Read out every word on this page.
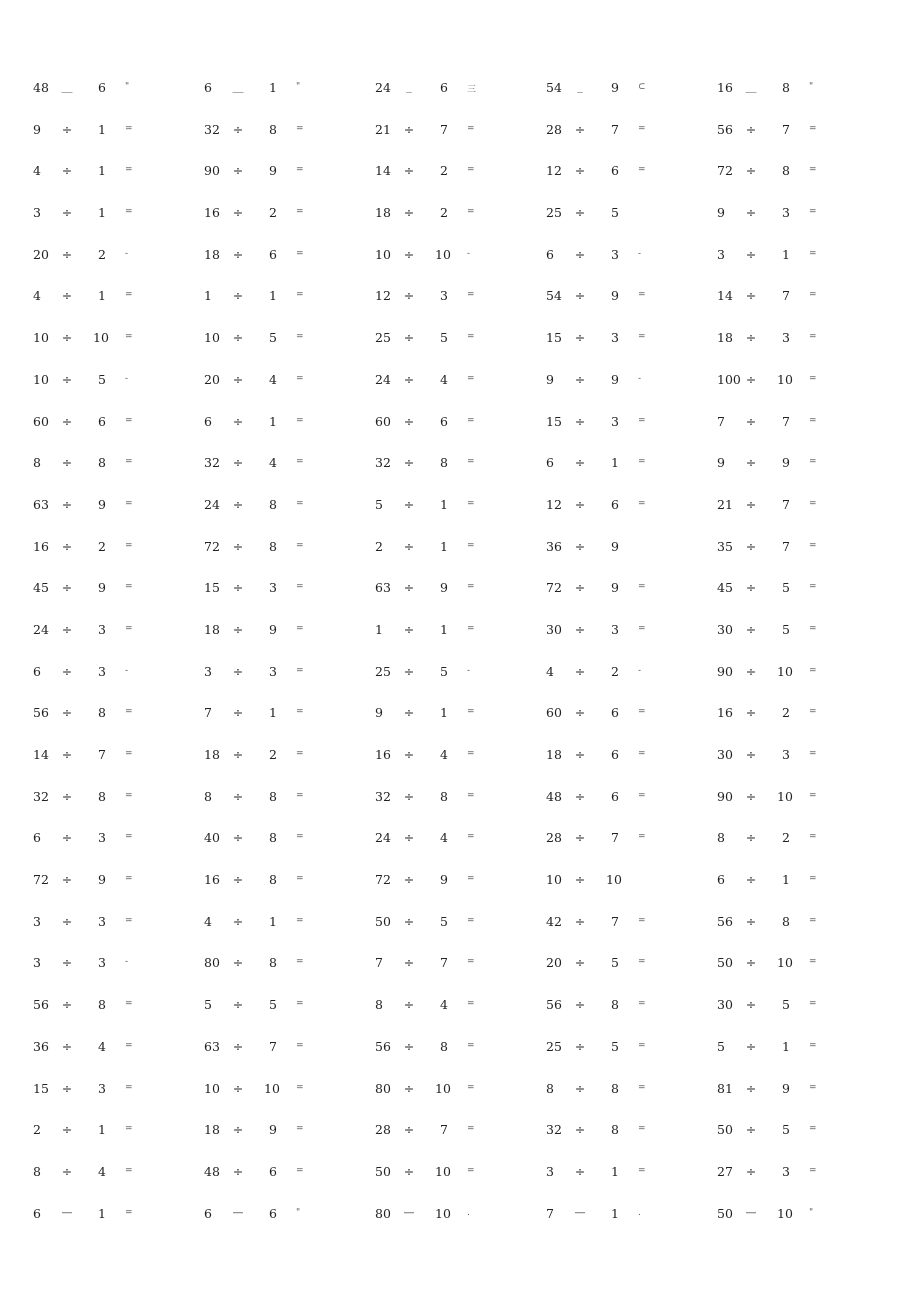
48 __	6 "	6 __	1 "	24	_	6 三	54	_	9 ⊂	16 __	8 "
9 ÷	1 =	32 ÷	8 =	21 ÷	7 =	28 ÷	7 =	56 ÷	7 =
4 ÷	1 =	90 ÷	9 =	14 ÷	2 =	12 ÷	6 =	72 ÷	8 =
3 ÷	1 =	16 ÷	2 =	18 ÷	2 =	25 ÷	5	9 ÷	3 =
20 ÷	2 -	18 ÷	6 =	10 ÷ 10 -	6 ÷	3 -	3 ÷	1 =
4 ÷	1 =	1 ÷	1 =	12 ÷	3 =	54 ÷	9 =	14 ÷	7 =
10 ÷ 10 =	10 ÷	5 =	25 ÷	5 =	15 ÷	3 =	18 ÷	3 =
10 ÷	5 -	20 ÷	4 =	24 ÷	4 =	9 ÷	9 -	100 ÷ 10 =
60 ÷	6 =	6 ÷	1 =	60 ÷	6 =	15 ÷	3 =	7 ÷	7 =
8 ÷	8 =	32 ÷	4 =	32 ÷	8 =	6 ÷	1 =	9 ÷	9 =
63 ÷	9 =	24 ÷	8 =	5 ÷	1 =	12 ÷	6 =	21 ÷	7 =
16 ÷	2 =	72 ÷	8 =	2 ÷	1 =	36 ÷	9	35 ÷	7 =
45 ÷	9 =	15 ÷	3 =	63 ÷	9 =	72 ÷	9 =	45 ÷	5 =
24 ÷	3 =	18 ÷	9 =	1 ÷	1 =	30 ÷	3 =	30 ÷	5 =
6 ÷	3 -	3 ÷	3 =	25 ÷	5 -	4 ÷	2 -	90 ÷ 10 =
56 ÷	8 =	7 ÷	1 =	9 ÷	1 =	60 ÷	6 =	16 ÷	2 =
14 ÷	7 =	18 ÷	2 =	16 ÷	4 =	18 ÷	6 =	30 ÷	3 =
32 ÷	8 =	8 ÷	8 =	32 ÷	8 =	48 ÷	6 =	90 ÷ 10 =
6 ÷	3 =	40 ÷	8 =	24 ÷	4 =	28 ÷	7 =	8 ÷	2 =
72 ÷	9 =	16 ÷	8 =	72 ÷	9 =	10 ÷ 10	6 ÷	1 =
3 ÷	3 =	4 ÷	1 =	50 ÷	5 =	42 ÷	7 =	56 ÷	8 =
3 ÷	3 -	80 ÷	8 =	7 ÷	7 =	20 ÷	5 =	50 ÷ 10 =
56 ÷	8 =	5 ÷	5 =	8 ÷	4 =	56 ÷	8 =	30 ÷	5 =
36 ÷	4 =	63 ÷	7 =	56 ÷	8 =	25 ÷	5 =	5 ÷	1 =
15 ÷	3 =	10 ÷ 10 =	80 ÷ 10 =	8 ÷	8 =	81 ÷	9 =
2 ÷	1 =	18 ÷	9 =	28 ÷	7 =	32 ÷	8 =	50 ÷	5 =
8 ÷	4 =	48 ÷	6 =	50 ÷ 10 =	3 ÷	1 =	27 ÷	3 =
6 —	1 =	6 —	6 "	80 — 10 .	7 —	1 .	50 — 10 "
